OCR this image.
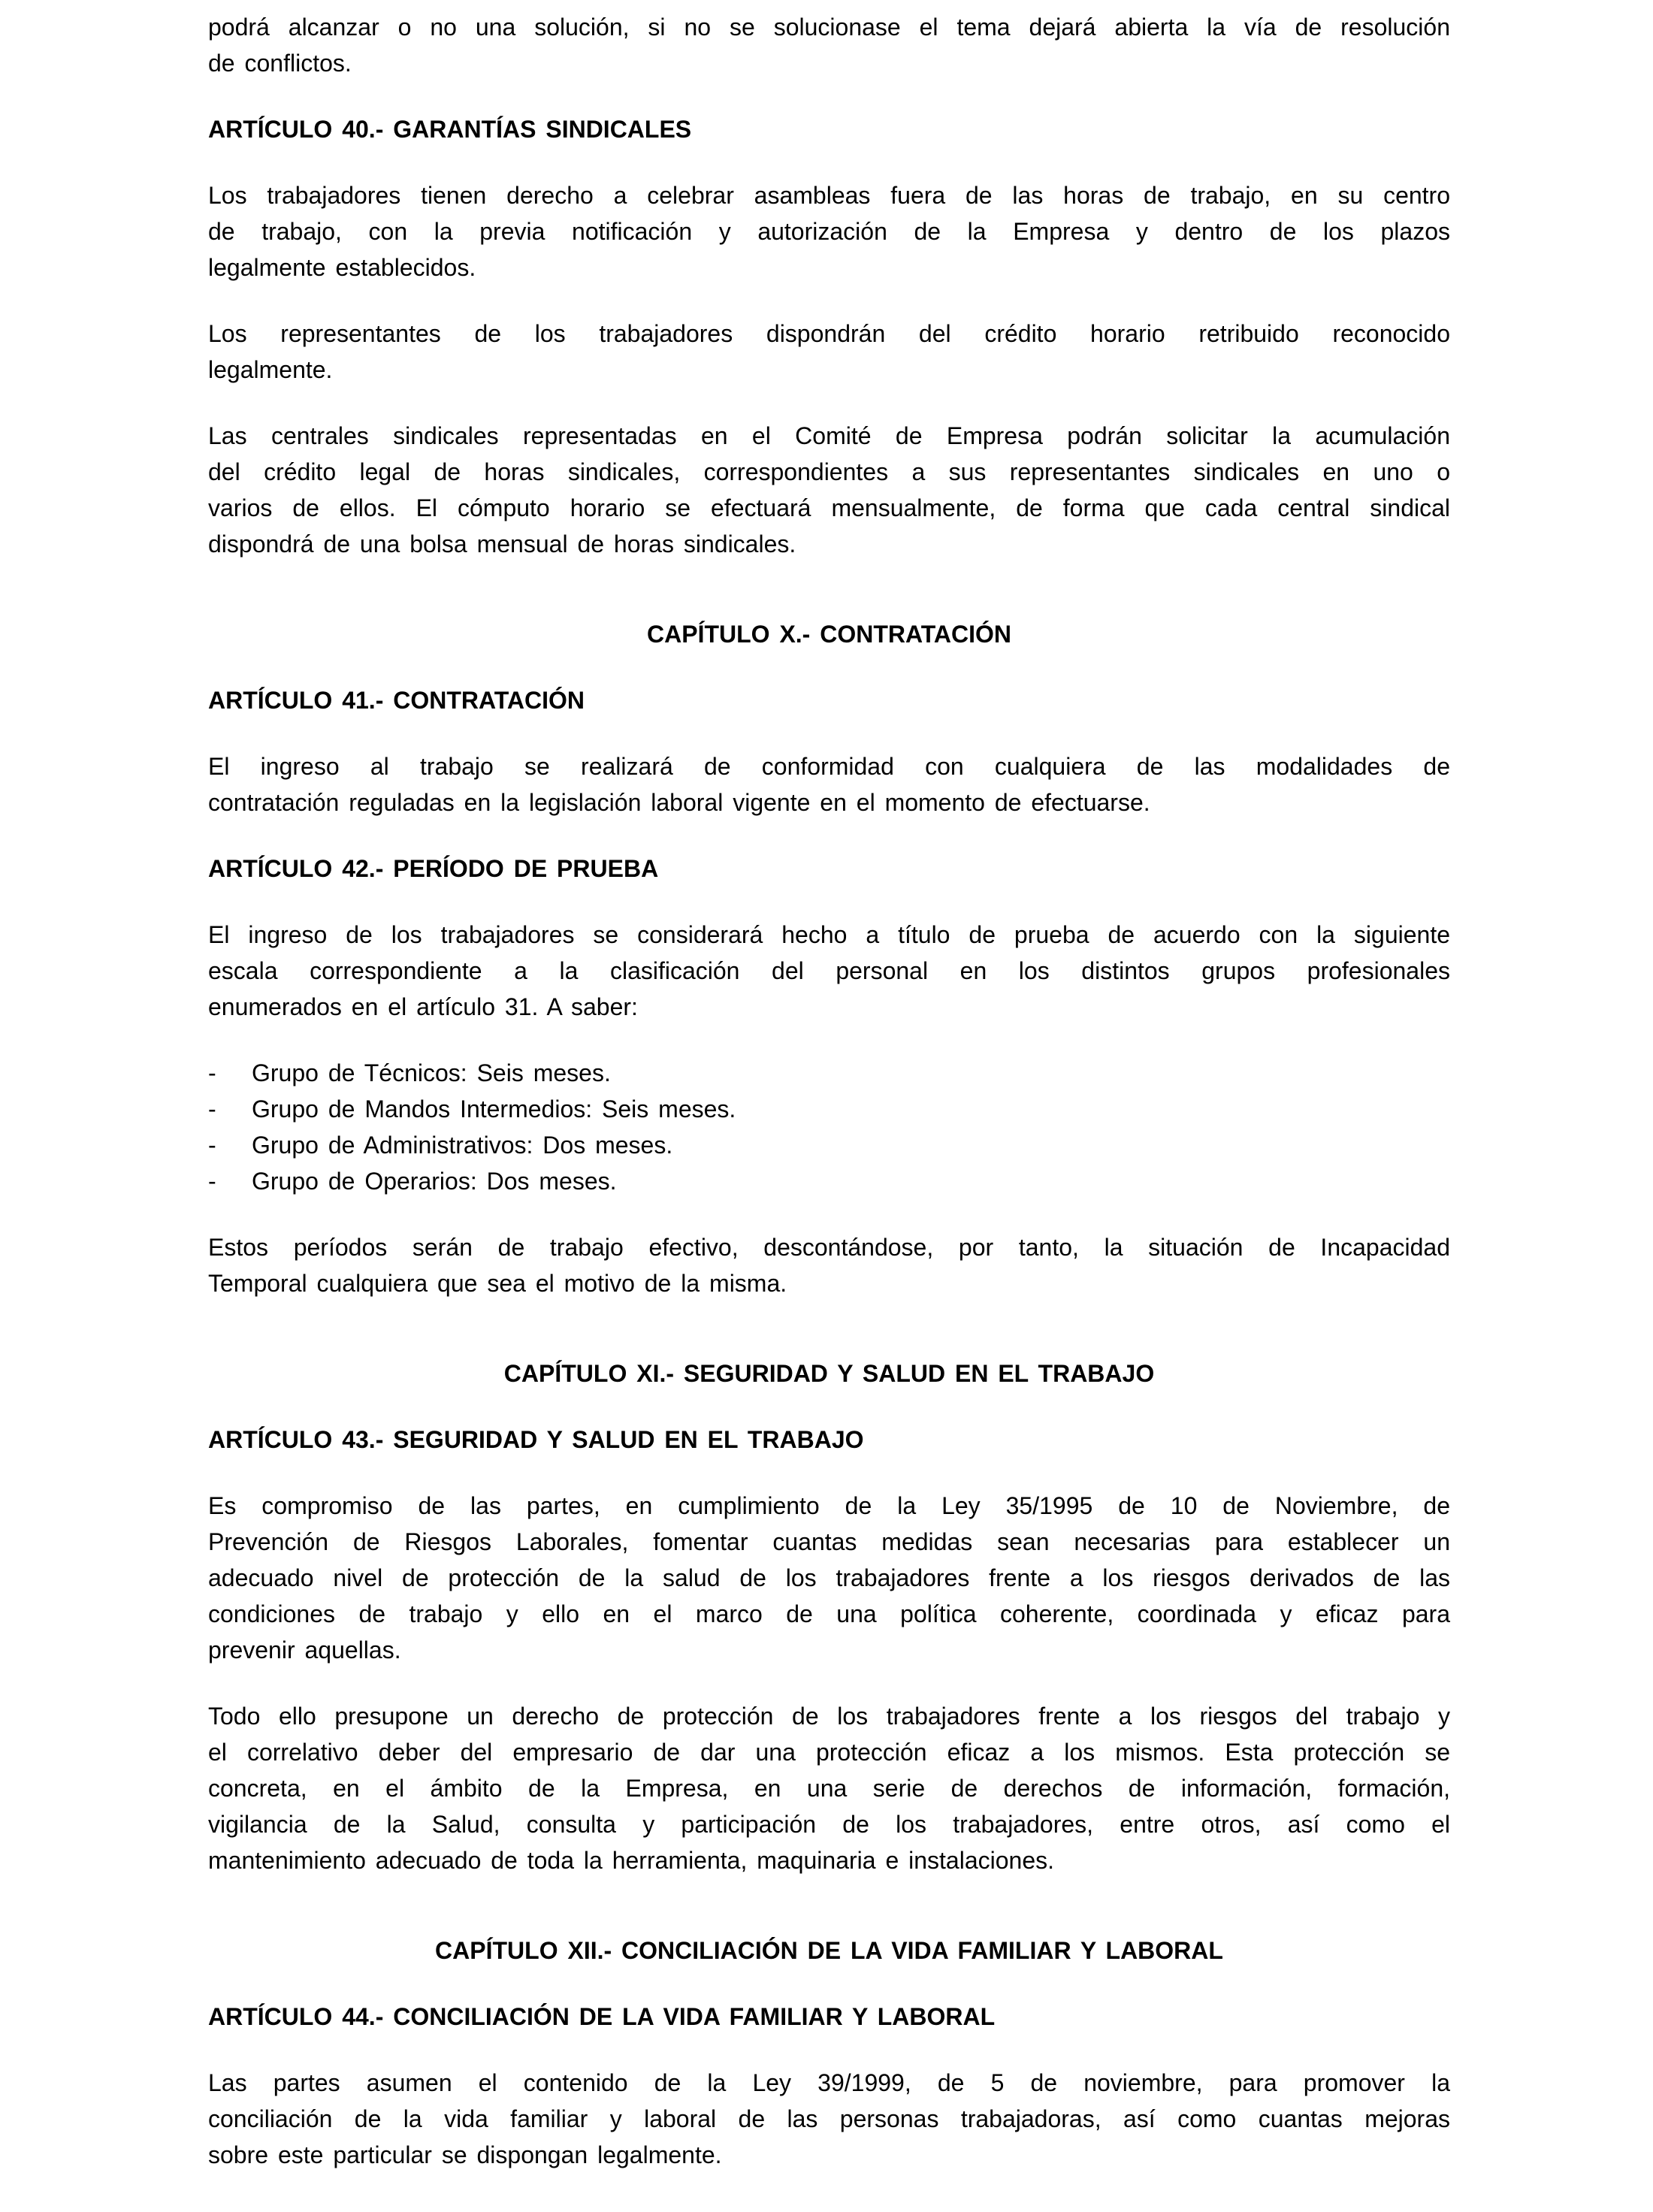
podrá alcanzar o no una solución, si no se solucionase el tema dejará abierta la vía de resolución
de conflictos.
ARTÍCULO 40.- GARANTÍAS SINDICALES
Los trabajadores tienen derecho a celebrar asambleas fuera de las horas de trabajo, en su centro
de trabajo, con la previa notificación y autorización de la Empresa y dentro de los plazos
legalmente establecidos.
Los representantes de los trabajadores dispondrán del crédito horario retribuido reconocido
legalmente.
Las centrales sindicales representadas en el Comité de Empresa podrán solicitar la acumulación
del crédito legal de horas sindicales, correspondientes a sus representantes sindicales en uno o
varios de ellos. El cómputo horario se efectuará mensualmente, de forma que cada central sindical
dispondrá de una bolsa mensual de horas sindicales.
CAPÍTULO X.- CONTRATACIÓN
ARTÍCULO 41.- CONTRATACIÓN
El ingreso al trabajo se realizará de conformidad con cualquiera de las modalidades de
contratación reguladas en la legislación laboral vigente en el momento de efectuarse.
ARTÍCULO 42.- PERÍODO DE PRUEBA
El ingreso de los trabajadores se considerará hecho a título de prueba de acuerdo con la siguiente
escala correspondiente a la clasificación del personal en los distintos grupos profesionales
enumerados en el artículo 31. A saber:
- Grupo de Técnicos: Seis meses.
- Grupo de Mandos Intermedios: Seis meses.
- Grupo de Administrativos: Dos meses.
- Grupo de Operarios: Dos meses.
Estos períodos serán de trabajo efectivo, descontándose, por tanto, la situación de Incapacidad
Temporal cualquiera que sea el motivo de la misma.
CAPÍTULO XI.- SEGURIDAD Y SALUD EN EL TRABAJO
ARTÍCULO 43.- SEGURIDAD Y SALUD EN EL TRABAJO
Es compromiso de las partes, en cumplimiento de la Ley 35/1995 de 10 de Noviembre, de
Prevención de Riesgos Laborales, fomentar cuantas medidas sean necesarias para establecer un
adecuado nivel de protección de la salud de los trabajadores frente a los riesgos derivados de las
condiciones de trabajo y ello en el marco de una política coherente, coordinada y eficaz para
prevenir aquellas.
Todo ello presupone un derecho de protección de los trabajadores frente a los riesgos del trabajo y
el correlativo deber del empresario de dar una protección eficaz a los mismos. Esta protección se
concreta, en el ámbito de la Empresa, en una serie de derechos de información, formación,
vigilancia de la Salud, consulta y participación de los trabajadores, entre otros, así como el
mantenimiento adecuado de toda la herramienta, maquinaria e instalaciones.
CAPÍTULO XII.- CONCILIACIÓN DE LA VIDA FAMILIAR Y LABORAL
ARTÍCULO 44.- CONCILIACIÓN DE LA VIDA FAMILIAR Y LABORAL
Las partes asumen el contenido de la Ley 39/1999, de 5 de noviembre, para promover la
conciliación de la vida familiar y laboral de las personas trabajadoras, así como cuantas mejoras
sobre este particular se dispongan legalmente.
